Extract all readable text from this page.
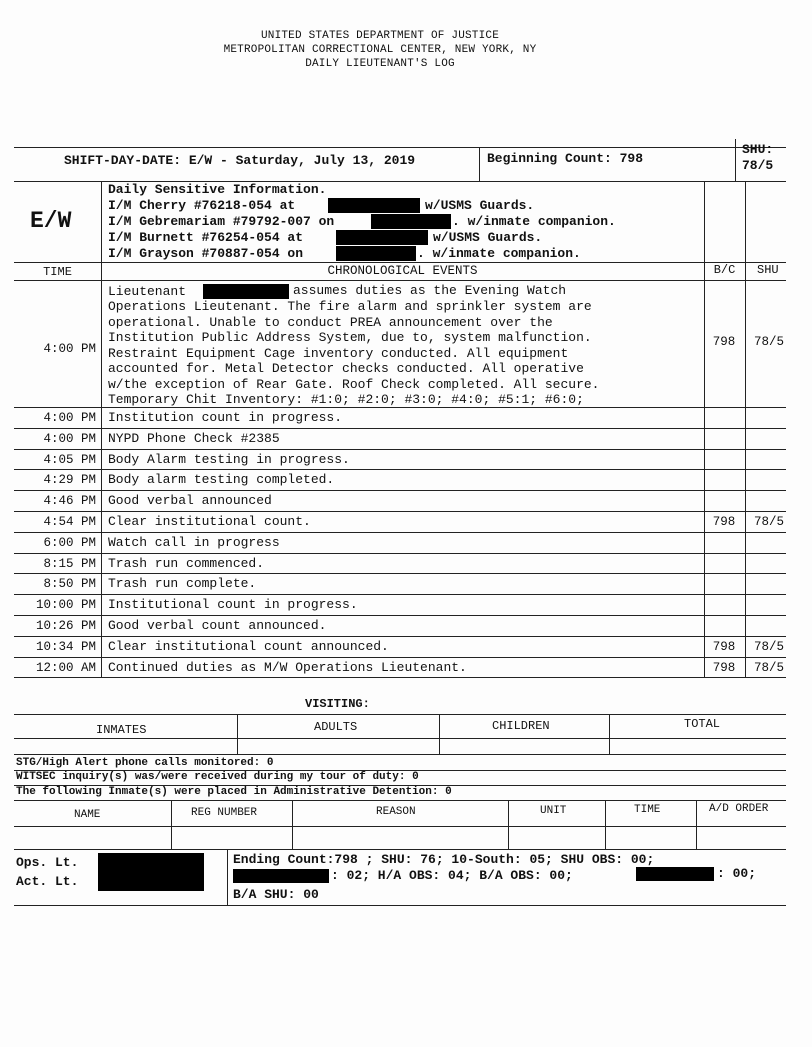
UNITED STATES DEPARTMENT OF JUSTICE
METROPOLITAN CORRECTIONAL CENTER, NEW YORK, NY
DAILY LIEUTENANT'S LOG
SHIFT-DAY-DATE: E/W - Saturday, July 13, 2019	Beginning Count: 798
SHU:
78/5
E/W
Daily Sensitive Information.
I/M Cherry #76218-054 at	w/USMS Guards.
I/M Gebremariam #79792-007 on	. w/inmate companion.
I/M Burnett #76254-054 at	w/USMS Guards.
I/M Grayson #70887-054 on	. w/inmate companion.
TIME	CHRONOLOGICAL EVENTS	B/C	SHU
4:00 PM
Lieutenant	assumes duties as the Evening Watch
Operations Lieutenant. The fire alarm and sprinkler system are
operational. Unable to conduct PREA announcement over the
Institution Public Address System, due to, system malfunction.
Restraint Equipment Cage inventory conducted. All equipment
accounted for. Metal Detector checks conducted. All operative
w/the exception of Rear Gate. Roof Check completed. All secure.
Temporary Chit Inventory: #1:0; #2:0; #3:0; #4:0; #5:1; #6:0;
798	78/5
4:00 PM Institution count in progress.
4:00 PM NYPD Phone Check #2385
4:05 PM Body Alarm testing in progress.
4:29 PM Body alarm testing completed.
4:46 PM Good verbal announced
4:54 PM Clear institutional count.	798	78/5
6:00 PM Watch call in progress
8:15 PM Trash run commenced.
8:50 PM Trash run complete.
10:00 PM Institutional count in progress.
10:26 PM Good verbal count announced.
10:34 PM Clear institutional count announced.	798	78/5
12:00 AM Continued duties as M/W Operations Lieutenant.	798	78/5
VISITING:
INMATES	ADULTS	CHILDREN	TOTAL
STG/High Alert phone calls monitored: 0
WITSEC inquiry(s) was/were received during my tour of duty: 0
The following Inmate(s) were placed in Administrative Detention: 0
NAME	REG NUMBER	REASON	UNIT	TIME	A/D ORDER
Ops. Lt.
Act. Lt.
Ending Count:798 ; SHU: 76; 10-South: 05; SHU OBS: 00;
: 02; H/A OBS: 04; B/A OBS: 00;	: 00;
B/A SHU: 00
